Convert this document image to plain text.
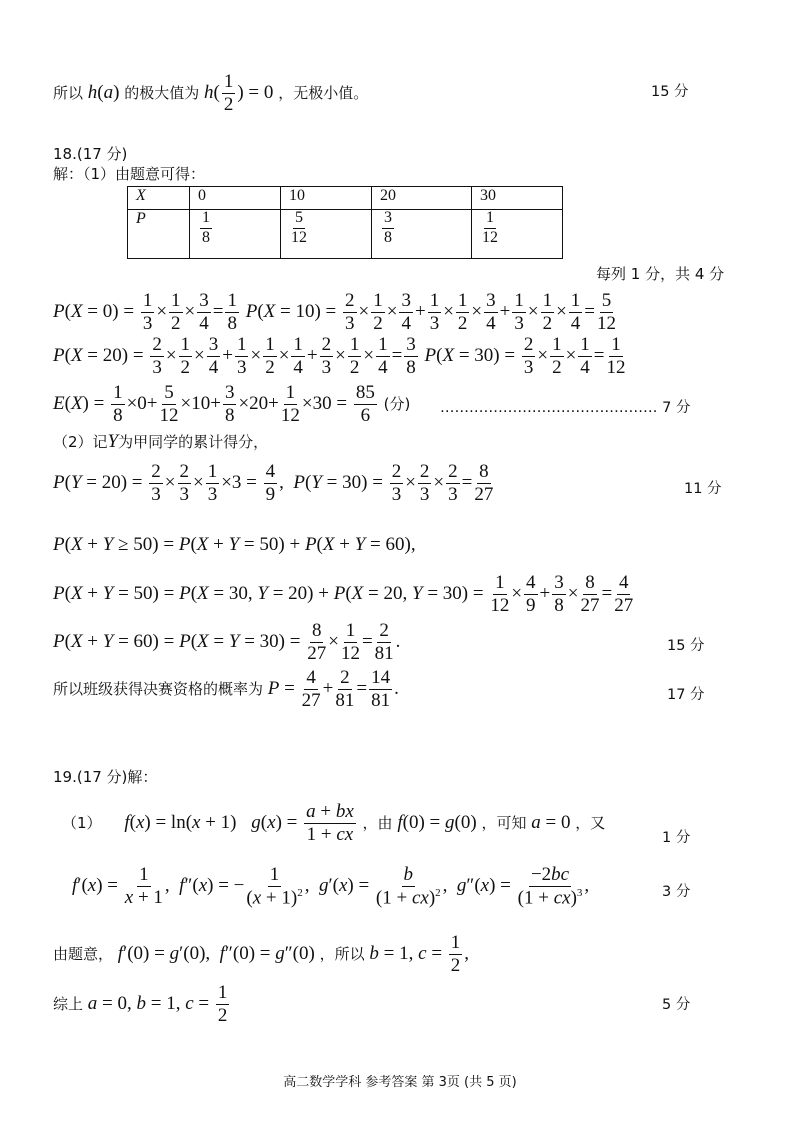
所以 h(a) 的极大值为 $h( \frac{1}{2}$ ) = 0 ，无极小值。	15 分
18.(17 分)
解：（1）由题意可得：
X	0	10	20	30
P	$\frac{1}{8}$	$\frac{5}{12}$	$\frac{3}{8}$	$\frac{1}{12}$
每列 1 分，共 4 分
$P(X = 0) = \frac{1}{3} \times \frac{1}{2} \times \frac{3}{4} = \frac{1}{8} P(X = 10) = \frac{2}{3} \times \frac{1}{2} \times \frac{3}{4} + \frac{1}{3} \times \frac{1}{2} \times \frac{3}{4} + \frac{1}{3} \times \frac{1}{2} \times \frac{1}{4} = \frac{5}{12}$
$P(X = 20) = \frac{2}{3} \times \frac{1}{2} \times \frac{3}{4} + \frac{1}{3} \times \frac{1}{2} \times \frac{1}{4} + \frac{2}{3} \times \frac{1}{2} \times \frac{1}{4} = \frac{3}{8} P(X = 30) = \frac{2}{3} \times \frac{1}{2} \times \frac{1}{4} = \frac{1}{12}$
$E(X) = \frac{1}{8} \times 0+ \frac{5}{12} \times 10+ \frac{3}{8} \times 20+ \frac{1}{12} \times 30 = \frac{85}{6}$ (分) ……………………………………… 7 分
（2）记Y为甲同学的累计得分，
$P(Y = 20) = \frac{2}{3} \times \frac{2}{3} \times \frac{1}{3} \times 3 = \frac{4}{9}$ ,  $P(Y = 30) = \frac{2}{3} \times \frac{2}{3} \times \frac{2}{3} = \frac{8}{27}$	11 分
P(X + Y ≥ 50) = P(X + Y = 50) + P(X + Y = 60),
P(X + Y = 50) = P(X = 30, Y = 20) + P(X = 20, $Y = 30) = \frac{1}{12} \times \frac{4}{9} + \frac{3}{8} \times \frac{8}{27} = \frac{4}{27}$
$P(X + Y = 60) = P(X = Y = 30) = \frac{8}{27} \times \frac{1}{12} = \frac{2}{81}$ .	15 分
所以班级获得决赛资格的概率为 $P = \frac{4}{27} + \frac{2}{81} = \frac{14}{81}$ .	17 分
19.(17 分)解：
（1） f(x) = ln(x + 1) $g(x) = \frac{a + bx}{1 + cx}$ ，由 f(0) = g(0) ，可知 a = 0 ，又
1 分
$f'(x) = \frac{1}{x + 1}$ ,  f″(x) = − $\frac{1}{(x + 1)^2}$ ,  $g'(x) = \frac{b}{(1 + cx)^2}$ ,  $g''(x) = \frac{-2bc}{(1 + cx)^3}$ ,	3 分
由题意， f′(0) = g′(0),  f″(0) = g″(0) ，所以 b = 1, $c = \frac{1}{2}$ ,
综上 a = 0, b = 1, $c = \frac{1}{2}$	5 分
高二数学学科 参考答案 第 3页 (共 5 页)
